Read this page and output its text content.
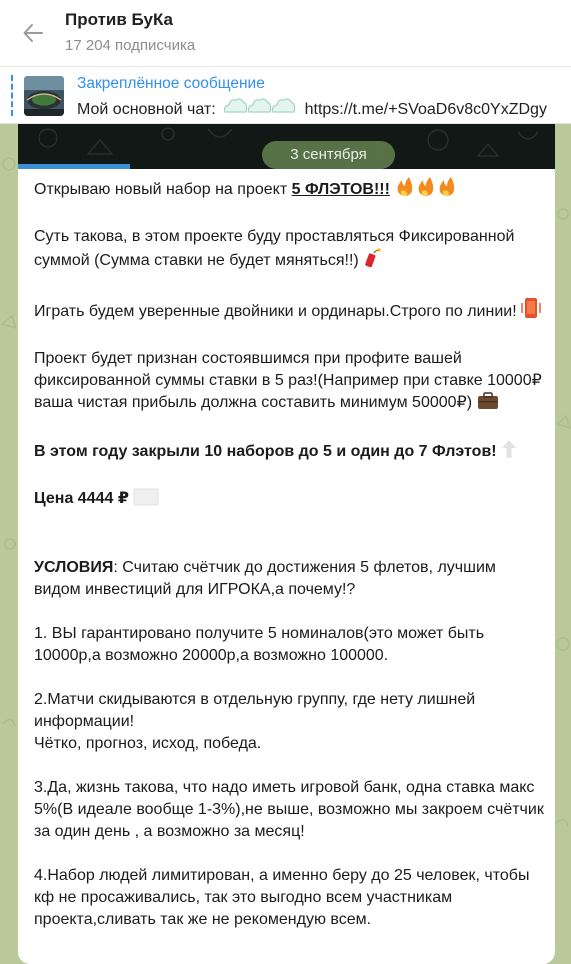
Против БуКа
17 204 подписчика
Закреплённое сообщение
Мой основной чат:	https://t.me/+SVoaD6v8c0YxZDgy

Открываю новый набор на проект 5 ФЛЭТОВ!!!

Суть такова, в этом проекте буду проставляться Фиксированной суммой (Сумма ставки не будет мяняться!!)

Играть будем уверенные двойники и ординары.Строго по линии!

Проект будет признан состоявшимся при профите вашей фиксированной суммы ставки в 5 раз!(Например при ставке 10000₽ ваша чистая прибыль должна составить минимум 50000₽)

В этом году закрыли 10 наборов до 5 и один до 7 Флэтов!

Цена 4444 ₽

УСЛОВИЯ: Считаю счётчик до достижения 5 флетов, лучшим видом инвестиций для ИГРОКА,а почему!?

1. ВЫ гарантировано получите 5 номиналов(это может быть 10000р,а возможно 20000р,а возможно 100000.

2.Матчи скидываются в отдельную группу, где нету лишней информации!
Чётко, прогноз, исход, победа.

3.Да, жизнь такова, что надо иметь игровой банк, одна ставка макс 5%(В идеале вообще 1-3%),не выше, возможно мы закроем счётчик за один день , а возможно за месяц!

4.Набор людей лимитирован, а именно беру до 25 человек, чтобы кф не просаживались, так это выгодно всем участникам проекта,сливать так же не рекомендую всем.

3 сентября
